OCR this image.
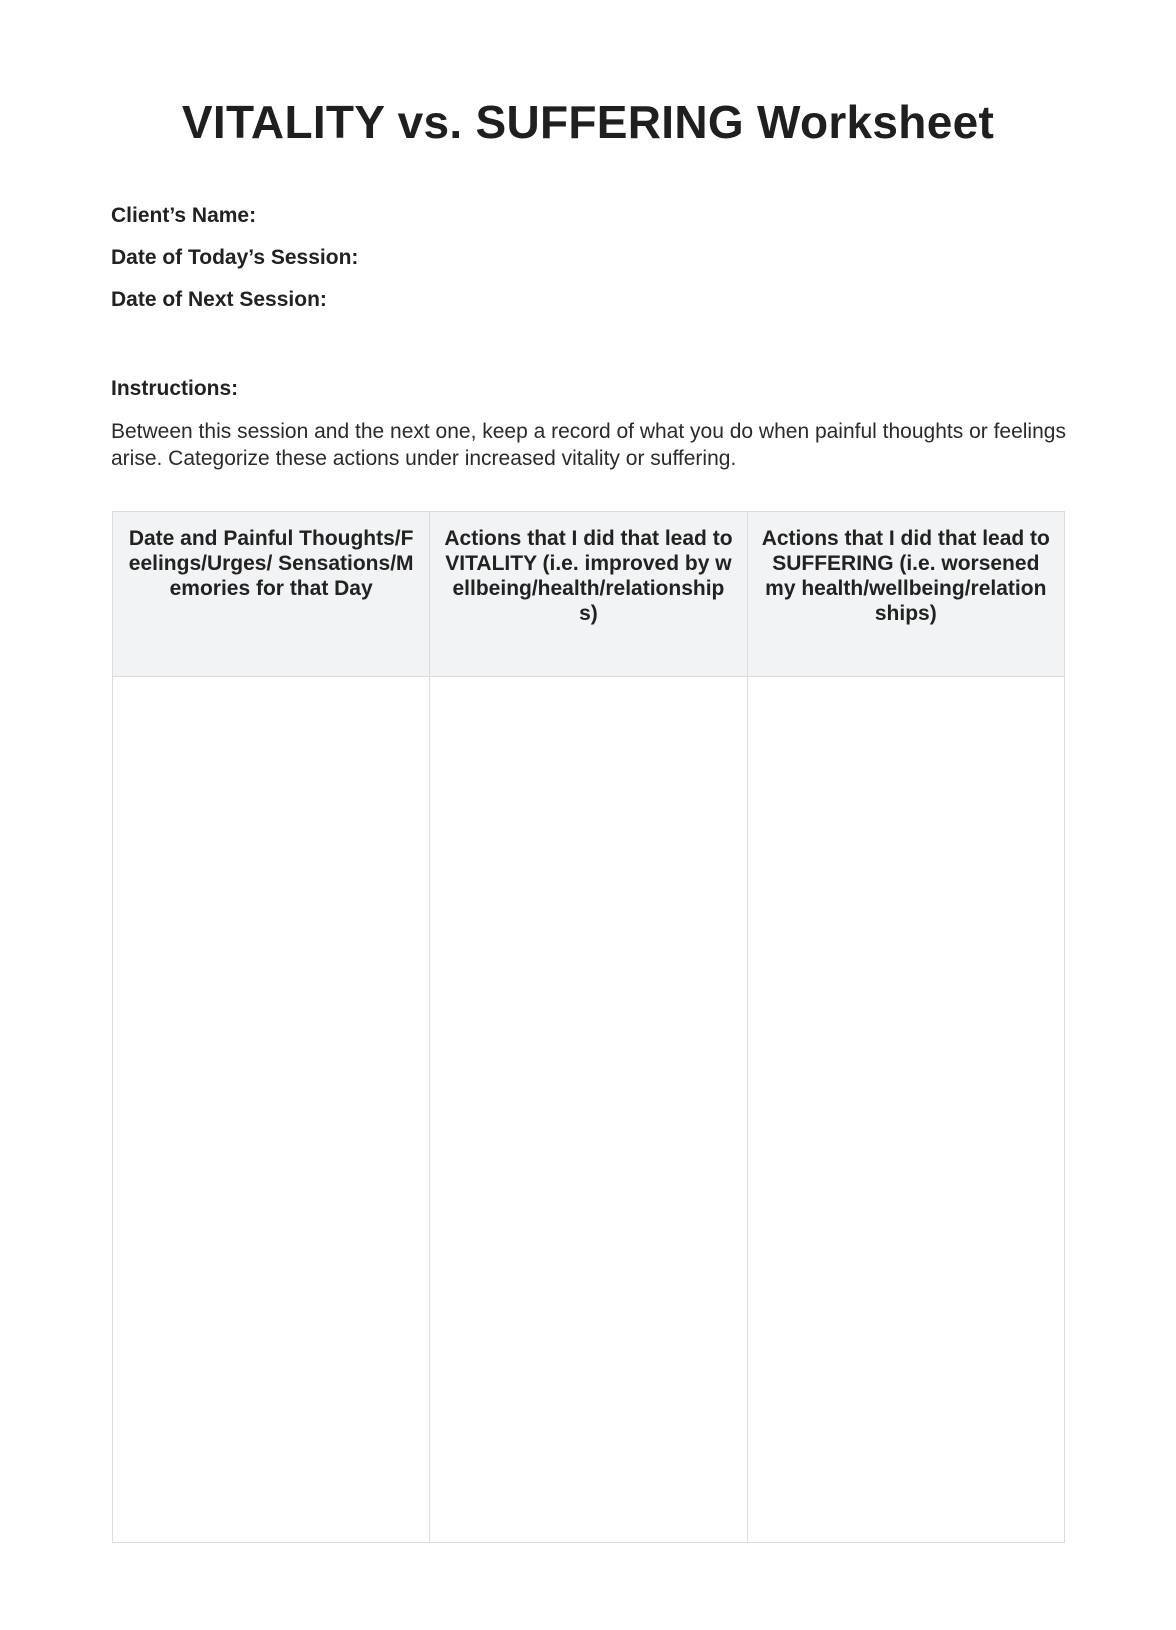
VITALITY vs. SUFFERING Worksheet
Client’s Name:
Date of Today’s Session:
Date of Next Session:
Instructions:
Between this session and the next one, keep a record of what you do when painful thoughts or feelings arise. Categorize these actions under increased vitality or suffering.
Date and Painful Thoughts/Feelings/Urges/ Sensations/Memories for that Day	Actions that I did that lead to VITALITY (i.e. improved by wellbeing/health/relationships)	Actions that I did that lead to SUFFERING (i.e. worsened my health/wellbeing/relationships)
